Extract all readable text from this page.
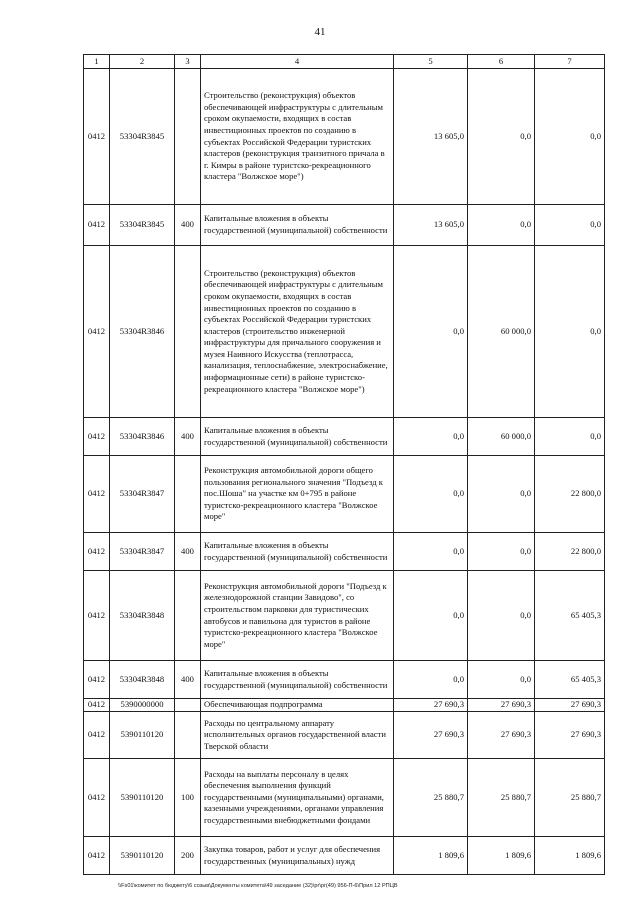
41
1	2	3	4	5	6	7
0412	53304R3845		Строительство (реконструкция) объектов обеспечивающей инфраструктуры с длительным сроком окупаемости, входящих в состав инвестиционных проектов по созданию в субъектах Российской Федерации туристских кластеров (реконструкция транзитного причала в г. Кимры в районе туристско-рекреационного кластера "Волжское море")	13 605,0	0,0	0,0
0412	53304R3845	400	Капитальные вложения в объекты государственной (муниципальной) собственности	13 605,0	0,0	0,0
0412	53304R3846		Строительство (реконструкция) объектов обеспечивающей инфраструктуры с длительным сроком окупаемости, входящих в состав инвестиционных проектов по созданию в субъектах Российской Федерации туристских кластеров (строительство инженерной инфраструктуры для причального сооружения и музея Наивного Искусства (теплотрасса, канализация, теплоснабжение, электроснабжение, информационные сети) в районе туристско-рекреационного кластера "Волжское море")	0,0	60 000,0	0,0
0412	53304R3846	400	Капитальные вложения в объекты государственной (муниципальной) собственности	0,0	60 000,0	0,0
0412	53304R3847		Реконструкция автомобильной дороги общего пользования регионального значения "Подъезд к пос.Шоша" на участке км 0+795 в районе туристско-рекреационного кластера "Волжское море"	0,0	0,0	22 800,0
0412	53304R3847	400	Капитальные вложения в объекты государственной (муниципальной) собственности	0,0	0,0	22 800,0
0412	53304R3848		Реконструкция автомобильной дороги "Подъезд к железнодорожной станции Завидово", со строительством парковки для туристических автобусов и павильона для туристов в районе туристско-рекреационного кластера "Волжское море"	0,0	0,0	65 405,3
0412	53304R3848	400	Капитальные вложения в объекты государственной (муниципальной) собственности	0,0	0,0	65 405,3
0412	5390000000		Обеспечивающая подпрограмма	27 690,3	27 690,3	27 690,3
0412	5390110120		Расходы по центральному аппарату исполнительных органов государственной власти Тверской области	27 690,3	27 690,3	27 690,3
0412	5390110120	100	Расходы на выплаты персоналу в целях обеспечения выполнения функций государственными (муниципальными) органами, казенными учреждениями, органами управления государственными внебюджетными фондами	25 880,7	25 880,7	25 880,7
0412	5390110120	200	Закупка товаров, работ и услуг для обеспечения государственных (муниципальных) нужд	1 809,6	1 809,6	1 809,6
\\Fs01\комитет по бюджету\6 созыв\Документы комитета\49 заседание (32)\pr\pr(49) 956-П-6\Прил 12 РПЦВ
